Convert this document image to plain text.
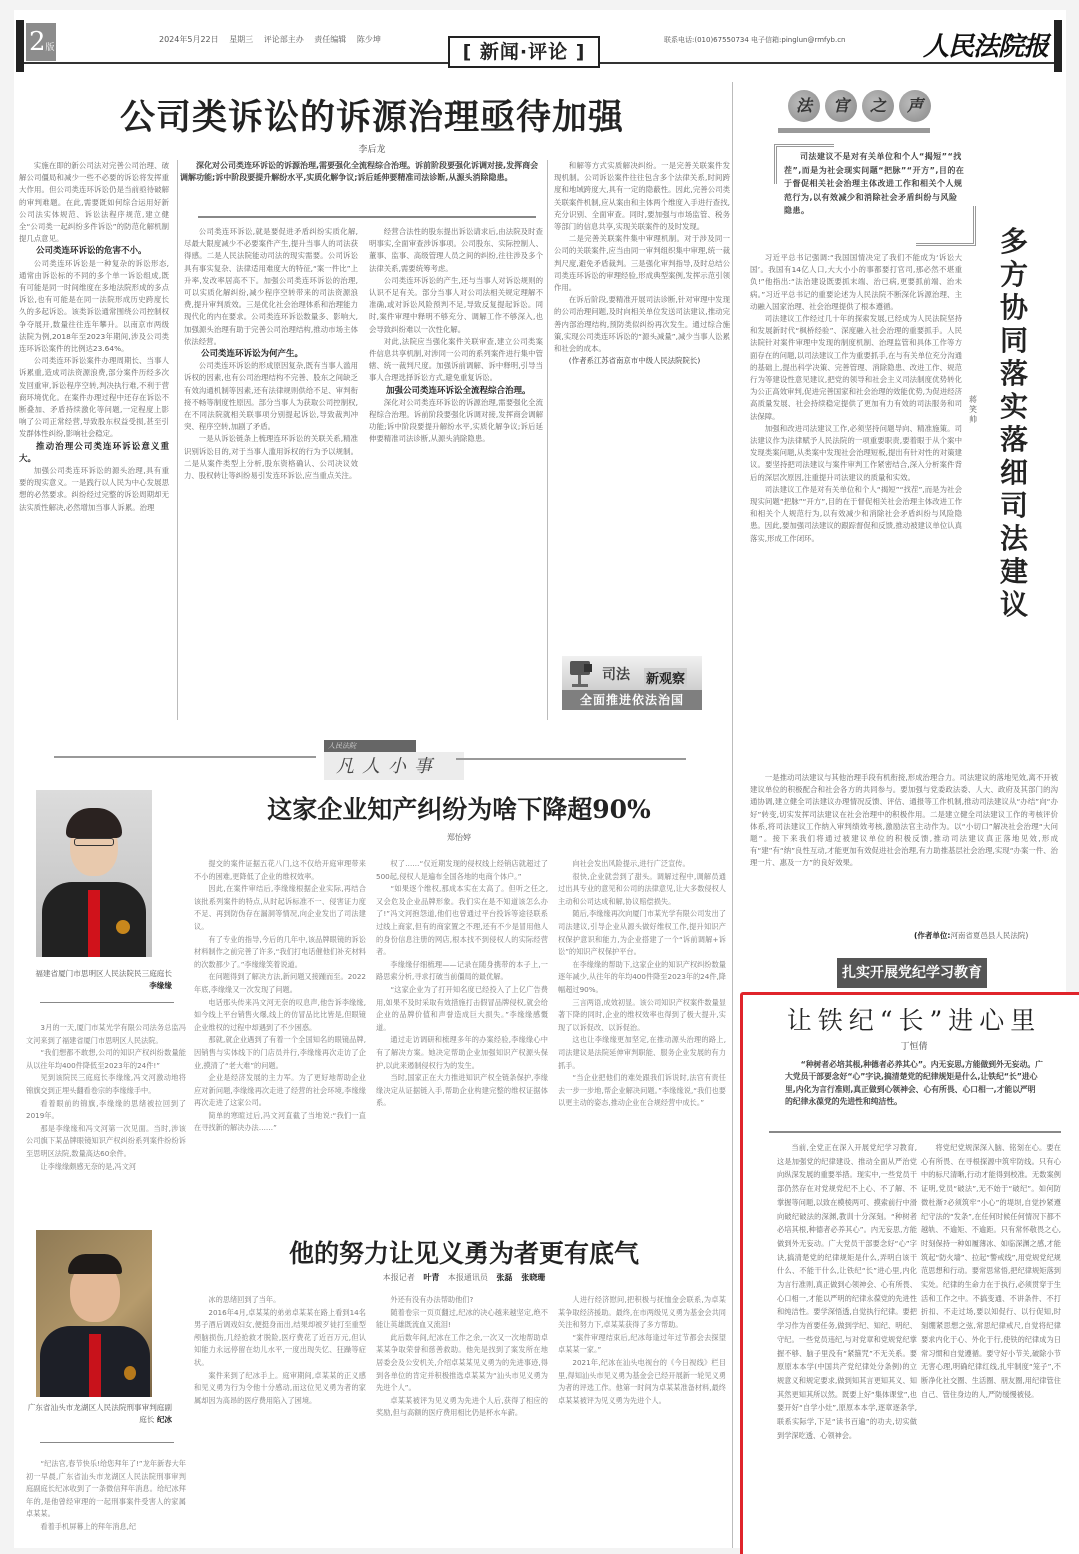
2版
2024年5月22日 星期三 评论部主办 责任编辑 陈少坤
[ 新闻·评论 ]
联系电话:(010)67550734 电子信箱:pinglun@rmfyb.cn	人民法院报
公司类诉讼的诉源治理亟待加强
李后龙
深化对公司类连环诉讼的诉源治理,需要强化全流程综合治理。诉前阶段要强化诉调对接,发挥商会调解功能;诉中阶段要提升解纷水平,实质化解争议;诉后延伸要精准司法诊断,从源头消除隐患。

实施在即的新公司法对完善公司治理、破解公司僵局和减少一些不必要的诉讼将发挥重大作用。但公司类连环诉讼仍是当前亟待破解的审判难题。在此,需要既如何综合运用好新公司法实体规范、诉讼法程序规范,建立健全“公司类一起纠纷多件诉讼”的防范化解机制提几点意见。

公司类连环诉讼的危害不小。

公司类连环诉讼是一种复杂的诉讼形态,通常由诉讼标的不同的多个单一诉讼组成,既有可能是同一时间维度在多地法院形成的多点诉讼,也有可能是在同一法院形成历史跨度长久的多起诉讼。该类诉讼通常围绕公司控制权争夺展开,数量往往连年攀升。以南京市两级法院为例,2018年至2023年期间,涉及公司类连环诉讼案件的比例达23.64%。

公司类连环诉讼案件办理周期长、当事人诉累重,造成司法资源浪费,部分案件历经多次发回重审,诉讼程序空转,判决执行难,不利于营商环境优化。在案件办理过程中还存在诉讼不断叠加、矛盾持续激化等问题,一定程度上影响了公司正常经营,导致股东权益受损,甚至引发群体性纠纷,影响社会稳定。

推动治理公司类连环诉讼意义重大。

加强公司类连环诉讼的源头治理,具有重要的现实意义。一是践行以人民为中心发展思想的必然要求。纠纷经过完整的诉讼周期却无法实质性解决,必然增加当事人诉累。治理

公司类连环诉讼,就是要促进矛盾纠纷实质化解,尽最大限度减少不必要案件产生,提升当事人的司法获得感。二是人民法院能动司法的现实需要。公司诉讼具有事实复杂、法律适用难度大的特征,“案一件比”上升率,发改率居高不下。加强公司类连环诉讼的治理,可以实质化解纠纷,减少程序空转带来的司法资源浪费,提升审判质效。三是优化社会治理体系和治理能力现代化的内在要求。公司类连环诉讼数量多、影响大,加强源头治理有助于完善公司治理结构,推动市场主体依法经营。

公司类连环诉讼为何产生。

公司类连环诉讼的形成原因复杂,既有当事人滥用诉权的因素,也有公司治理结构不完善、股东之间缺乏有效沟通机制等因素,还有法律规则供给不足、审判衔接不畅等制度性原因。部分当事人为获取公司控制权,在不同法院就相关联事项分别提起诉讼,导致裁判冲突、程序空转,加剧了矛盾。

一是从诉讼链条上梳理连环诉讼的关联关系,精准识别诉讼目的,对于当事人滥用诉权的行为予以规制。二是从案件类型上分析,股东资格确认、公司决议效力、股权转让等纠纷易引发连环诉讼,应当重点关注。

经营合法性的股东提出诉讼请求后,由法院及时查明事实,全面审查涉诉事项。公司股东、实际控制人、董事、监事、高级管理人员之间的纠纷,往往涉及多个法律关系,需要统筹考虑。

公司类连环诉讼的产生,还与当事人对诉讼规则的认识不足有关。部分当事人对公司法相关规定理解不准确,或对诉讼风险预判不足,导致反复提起诉讼。同时,案件审理中释明不够充分、调解工作不够深入,也会导致纠纷难以一次性化解。

对此,法院应当强化案件关联审查,建立公司类案件信息共享机制,对涉同一公司的系列案件进行集中管辖、统一裁判尺度。加强诉前调解、诉中释明,引导当事人合理选择诉讼方式,避免重复诉讼。

加强公司类连环诉讼全流程综合治理。

深化对公司类连环诉讼的诉源治理,需要强化全流程综合治理。诉前阶段要强化诉调对接,发挥商会调解功能;诉中阶段要提升解纷水平,实质化解争议;诉后延伸要精准司法诊断,从源头消除隐患。

和解等方式实质解决纠纷。一是完善关联案件发现机制。公司诉讼案件往往包含多个法律关系,时间跨度和地域跨度大,具有一定的隐蔽性。因此,完善公司类关联案件机制,应从案由和主体两个维度入手进行查找,充分识别、全面审查。同时,要加强与市场监管、税务等部门的信息共享,实现关联案件的及时发现。

二是完善关联案件集中审理机制。对于涉及同一公司的关联案件,应当由同一审判组织集中审理,统一裁判尺度,避免矛盾裁判。三是强化审判指导,及时总结公司类连环诉讼的审理经验,形成典型案例,发挥示范引领作用。

在诉后阶段,要精准开展司法诊断,针对审理中发现的公司治理问题,及时向相关单位发送司法建议,推动完善内部治理结构,预防类似纠纷再次发生。通过综合施策,实现公司类连环诉讼的“源头减量”,减少当事人讼累和社会的成本。

(作者系江苏省南京市中级人民法院院长)

司法 新观察
全面推进依法治国
法	官	之	声
司法建议不是对有关单位和个人“揭短”“找茬”,而是为社会现实问题“把脉”“开方”,目的在于督促相关社会治理主体改进工作和相关个人规范行为,以有效减少和消除社会矛盾纠纷与风险隐患。
多方协同落实落细司法建议
蒋笑帅

习近平总书记强调:“我国国情决定了我们不能成为‘诉讼大国’。我国有14亿人口,大大小小的事都要打官司,那必然不堪重负!”他指出:“法治建设既要抓末端、治已病,更要抓前端、治未病。”习近平总书记的重要论述为人民法院不断深化诉源治理、主动融入国家治理、社会治理提供了根本遵循。

司法建议工作经过几十年的探索发展,已经成为人民法院坚持和发展新时代“枫桥经验”、深度融入社会治理的重要抓手。人民法院针对案件审理中发现的制度机制、治理监管和具体工作等方面存在的问题,以司法建议工作为重要抓手,在与有关单位充分沟通的基础上,提出科学决策、完善管理、消除隐患、改进工作、规范行为等建设性意见建议,把党的领导和社会主义司法制度优势转化为公正高效审判,促进完善国家和社会治理的效能优势,为促进经济高质量发展、社会持续稳定提供了更加有力有效的司法服务和司法保障。

加强和改进司法建议工作,必须坚持问题导向、精准施策。司法建议作为法律赋予人民法院的一项重要职责,要着眼于从个案中发现类案问题,从类案中发现社会治理短板,提出有针对性的对策建议。要坚持把司法建议与案件审判工作紧密结合,深入分析案件背后的深层次原因,注重提升司法建议的质量和实效。

司法建议工作是对有关单位和个人“揭短”“找茬”,而是为社会现实问题“把脉”“开方”,目的在于督促相关社会治理主体改进工作和相关个人规范行为,以有效减少和消除社会矛盾纠纷与风险隐患。因此,要加强司法建议的跟踪督促和反馈,推动被建议单位认真落实,形成工作闭环。

一是推动司法建议与其他治理手段有机衔接,形成治理合力。司法建议的落地见效,离不开被建议单位的积极配合和社会各方的共同参与。要加强与党委政法委、人大、政府及其部门的沟通协调,建立健全司法建议办理情况反馈、评估、通报等工作机制,推动司法建议从“办结”向“办好”转变,切实发挥司法建议在社会治理中的积极作用。二是建立健全司法建议工作的考核评价体系,将司法建议工作纳入审判绩效考核,激励法官主动作为。以“小切口”解决社会治理“大问题”。接下来我们将通过被建议单位的积极反馈,推动司法建议真正落地见效,形成有“建”有“纳”良性互动,才能更加有效促进社会治理,有力助推基层社会治理,实现“办案一件、治理一片、惠及一方”的良好效果。

(作者单位:河南省夏邑县人民法院)
扎实开展党纪学习教育
让铁纪“长”进心里
丁恒倩
“种树者必培其根,种德者必养其心”。内无妄思,方能做到外无妄动。广大党员干部要念好“心”字诀,搞清楚党的纪律规矩是什么,让铁纪“长”进心里,内化为言行准则,真正做到心领神会、心有所畏、心口相一,才能以严明的纪律永葆党的先进性和纯洁性。

当前,全党正在深入开展党纪学习教育,这是加强党的纪律建设、推动全面从严治党向纵深发展的重要举措。现实中,一些党员干部仍然存在对党规党纪不上心、不了解、不掌握等问题,以致在模棱两可、摸索前行中滑向破纪破法的深渊,教训十分深刻。“种树者必培其根,种德者必养其心”。内无妄思,方能做到外无妄动。广大党员干部要念好“心”字诀,搞清楚党的纪律规矩是什么,弄明白该干什么、不能干什么,让铁纪“长”进心里,内化为言行准则,真正做到心领神会、心有所畏、心口相一,才能以严明的纪律永葆党的先进性和纯洁性。要学深悟透,自觉执行纪律。要把学习作为首要任务,做到学纪、知纪、明纪、守纪。一些党员违纪,与对党章和党规党纪掌握不够、脑子里没有“紧箍咒”不无关系。要原原本本学(中国共产党纪律处分条例)的立规意义和规定要求,做到知其言更知其义、知其然更知其所以然。既要上好“集体课堂”,也要开好“自学小灶”,原原本本学,逐章逐条学,联系实际学,下足“读书百遍”的功夫,切实做到学深吃透、心领神会。

将党纪党规深深入脑、铭刻在心。要在心有所畏、在寻根探源中筑牢防线。只有心中的标尺清晰,行动才能得到校准。无数案例证明,党员“破法”,无不始于“破纪”。如何防微杜渐?必须筑牢“小心”的堤坝,自觉抄紧遵纪守法的“发条”,在任何时候任何情况下都不越轨、不逾矩、不逾距。只有常怀敬畏之心,时刻保持一种如履薄冰、如临深渊之感,才能筑起“防火墙”、拉起“警戒线”,用党规党纪规范思想和行动。要常思常悟,把纪律规矩落到实处。纪律的生命力在于执行,必须贯穿于生活和工作之中。不搞变通、不讲条件、不打折扣、不走过场,要以知促行、以行促知,时刻绷紧思想之弦,常思纪律戒尺,自觉将纪律要求内化于心、外化于行,使铁的纪律成为日常习惯和自觉遵循。要守好小节关,破除小节无害心理,明确纪律红线,扎牢制度“笼子”,不断净化社交圈、生活圈、朋友圈,用纪律管住自己、管住身边的人,严防缓慢被侵。

人民法院
凡人小事
这家企业知产纠纷为啥下降超90%
郑怡婷
福建省厦门市思明区人民法院民三庭庭长 李缘缘

3月的一天,厦门市某光学有限公司法务总监冯文河来到了福建省厦门市思明区人民法院。

“我们想都不敢想,公司的知识产权纠纷数量能从以往年均400件降低至2023年的24件!”

见到该院民三庭庭长李缘缘,冯文河激动地将锦旗交到正埋头翻看卷宗的李缘缘手中。

看着眼前的锦旗,李缘缘的思绪被拉回到了2019年。

那是李缘缘和冯文河第一次见面。当时,涉该公司旗下某品牌眼镜知识产权纠纷系列案件纷纷诉至思明区法院,数量高达60余件。

让李缘缘颇感无奈的是,冯文河

提交的案件证据五花八门,这不仅给开庭审理带来不小的困难,更降低了企业的维权效率。

因此,在案件审结后,李缘缘根据企业实际,再结合该批系列案件的特点,从时起诉标准不一、侵害证力度不足、再到防伪存在漏洞等情况,向企业发出了司法建议。

有了专业的指导,今后的几年中,该品牌眼镜的诉讼材料制作之前完善了许多,“我们打电话催他们补充材料的次数都少了。”李缘缘笑着说道。

在问题得到了解决方法,新问题又接踵而至。2022年底,李缘缘又一次发现了问题。

电话那头传来冯文河无奈的叹息声,他告诉李缘缘,如今线上平台销售火爆,线上的仿冒品比比皆是,但眼镜企业维权的过程中却遇到了不少困惑。

那就,就企业遇到了有着一个全国知名的眼镜品牌,因销售与实体线下的门店员并行,李缘缘再次走访了企业,摸清了“老大难”的问题。

企业是经济发展的主力军。为了更好地帮助企业应对新问题,李缘缘再次走进了经营的社会环境,李缘缘再次走进了这家公司。

简单的寒暄过后,冯文河直截了当地说:“我们一直在寻找新的解决办法……”

权了……“仅近期发现的侵权线上经销店就超过了500起,侵权人是遍布全国各地的电商个体户。”

“如果逐个维权,那成本实在太高了。但听之任之,又会危及企业品牌形象。我们实在是不知道该怎么办了!”冯文河抱怨道,他们也曾通过平台投诉等途径联系过线上商家,但有的商家置之不理,还有不少是冒用他人的身份信息注册的网店,根本找不到侵权人的实际经营者。

李缘缘仔细梳理——记录在随身携带的本子上,一路思索分析,寻求打破当前僵局的最优解。

“这家企业为了打开知名度已经投入了上亿广告费用,如果不及时采取有效措施打击假冒品牌侵权,就会给企业的品牌价值和声誉造成巨大损失。”李缘缘感慨道。

通过走访调研和梳理多年的办案经验,李缘缘心中有了解决方案。她决定帮助企业加强知识产权源头保护,以此来遏制侵权行为的发生。

当时,国家正在大力推进知识产权全链条保护,李缘缘决定从证据链入手,帮助企业构建完整的维权证据体系。

向社会发出风险提示,进行广泛宣传。

很快,企业就尝到了甜头。调解过程中,调解员通过出具专业的意见和公司的法律意见,让大多数侵权人主动和公司达成和解,协议赔偿损失。

随后,李缘缘再次向厦门市某光学有限公司发出了司法建议,引导企业从源头做好维权工作,提升知识产权保护意识和能力,为企业搭建了一个“诉前调解+诉讼”的知识产权保护平台。

在李缘缘的帮助下,这家企业的知识产权纠纷数量逐年减少,从往年的年均400件降至2023年的24件,降幅超过90%。

三言两语,成效初显。该公司知识产权案件数量显著下降的同时,企业的维权效率也得到了极大提升,实现了以诉促改、以诉促治。

这也让李缘缘更加坚定,在推动源头治理的路上,司法建议是法院延伸审判职能、服务企业发展的有力抓手。

“当企业把他们的难处跟我们诉说时,法官有责任去一步一步地,帮企业解决问题。”李缘缘说,“我们也要以更主动的姿态,推动企业在合规经营中成长。”

他的努力让见义勇为者更有底气
本报记者 叶青 本报通讯员 张磊 张晓珊
广东省汕头市龙湖区人民法院刑事审判庭副庭长 纪冰

“纪法官,春节快乐!给您拜年了!”龙年新春大年初一早晨,广东省汕头市龙湖区人民法院刑事审判庭副庭长纪冰收到了一条微信拜年消息。给纪冰拜年的,是他曾经审理的一起刑事案件受害人的家属卓某某。

看着手机屏幕上的拜年消息,纪

冰的思绪回到了当年。

2016年4月,卓某某的弟弟卓某某在路上看到14名男子酒后调戏妇女,便挺身而出,结果却被歹徒打至重型颅脑损伤,几经抢救才脱险,医疗费花了近百万元,但认知能力永远停留在幼儿水平,一度出现失忆、狂躁等症状。

案件来到了纪冰手上。庭审期间,卓某某的正义感和见义勇为行为令他十分感动,而这位见义勇为者的家属却因为高昂的医疗费用陷入了困境。

外还有没有办法帮助他们?

随着卷宗一页页翻过,纪冰的决心越来越坚定,绝不能让英雄既流血又流泪!

此后数年间,纪冰在工作之余,一次又一次地帮助卓某某争取荣誉和慈善救助。他先是找到了案发所在地居委会及公安机关,介绍卓某某见义勇为的先进事迹,得到各单位的肯定并积极推选卓某某为“汕头市见义勇为先进个人”。

卓某某被评为见义勇为先进个人后,获得了相应的奖励,但与高额的医疗费用相比仍是杯水车薪。

人进行经济慰问,把积极与抚恤金会联系,为卓某某争取经济援助。最终,在市两级见义勇为基金会共同关注和努力下,卓某某获得了多方帮助。

“案件审理结束后,纪冰每逢过年过节都会去探望卓某某一家。”

2021年,纪冰在汕头电视台的《今日视线》栏目里,得知汕头市见义勇为基金会已经开展新一轮见义勇为者的评选工作。他第一时间为卓某某准备材料,最终卓某某被评为见义勇为先进个人。
